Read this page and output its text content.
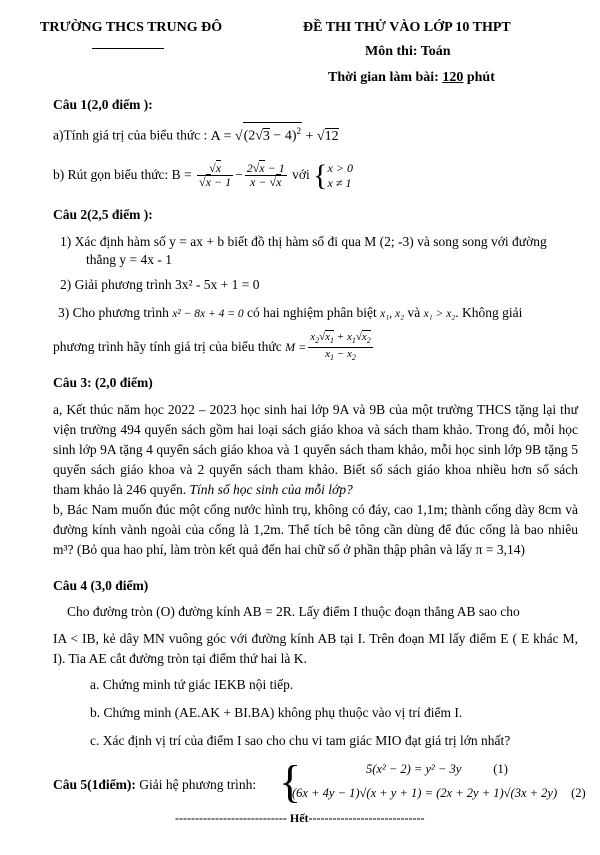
TRƯỜNG THCS TRUNG ĐÔ	ĐỀ THI THỬ VÀO LỚP 10 THPT
Môn thi: Toán
Thời gian làm bài: 120 phút
Câu 1(2,0 điểm ):
a)Tính giá trị của biểu thức : $A = √(2√3 - 4)^2 + √12$
b) Rút gọn biểu thức: $B = \frac{√x}{√x - 1} - \frac{2√x - 1}{x - √x}$ với { x > 0
x ≠ 1
Câu 2(2,5 điểm ):
1) Xác định hàm số y = ax + b biết đồ thị hàm số đi qua M (2; -3) và song song với đường
thẳng y = 4x - 1
2) Giải phương trình 3x² - 5x + 1 = 0
3) Cho phương trình x² − 8x + 4 = 0 có hai nghiệm phân biệt x₁, x₂ và x₁ > x₂. Không giải
phương trình hãy tính giá trị của biểu thức $M = \frac{x_2√x_1 + x_1√x_2}{x_1 - x_2}$
Câu 3: (2,0 điểm)
a, Kết thúc năm học 2022 – 2023 học sinh hai lớp 9A và 9B của một trường THCS tặng lại thư viện trường 494 quyển sách gồm hai loại sách giáo khoa và sách tham khảo. Trong đó, mỗi học sinh lớp 9A tặng 4 quyển sách giáo khoa và 1 quyển sách tham khảo, mỗi học sinh lớp 9B tặng 5 quyển sách giáo khoa và 2 quyển sách tham khảo. Biết số sách giáo khoa nhiều hơn số sách tham khảo là 246 quyển. Tính số học sinh của mỗi lớp?
b, Bác Nam muốn đúc một cống nước hình trụ, không có đáy, cao 1,1m; thành cống dày 8cm và đường kính vành ngoài của cống là 1,2m. Thể tích bê tông cần dùng để đúc cống là bao nhiêu m³? (Bỏ qua hao phí, làm tròn kết quả đến hai chữ số ở phần thập phân và lấy π = 3,14)
Câu 4 (3,0 điểm)
Cho đường tròn (O) đường kính AB = 2R. Lấy điểm I thuộc đoạn thẳng AB sao cho
IA < IB, kẻ dây MN vuông góc với đường kính AB tại I. Trên đoạn MI lấy điểm E ( E khác M, I). Tia AE cắt đường tròn tại điểm thứ hai là K.
a. Chứng minh tứ giác IEKB nội tiếp.
b. Chứng minh (AE.AK + BI.BA) không phụ thuộc vào vị trí điểm I.
c. Xác định vị trí của điểm I sao cho chu vi tam giác MIO đạt giá trị lớn nhất?
Câu 5(1điểm): Giải hệ phương trình: {	5(x² − 2) = y² − 3y	(1)
(6x + 4y − 1)√(x + y + 1) = (2x + 2y + 1)√(3x + 2y) (2)
---------------------------- Hết-----------------------------
